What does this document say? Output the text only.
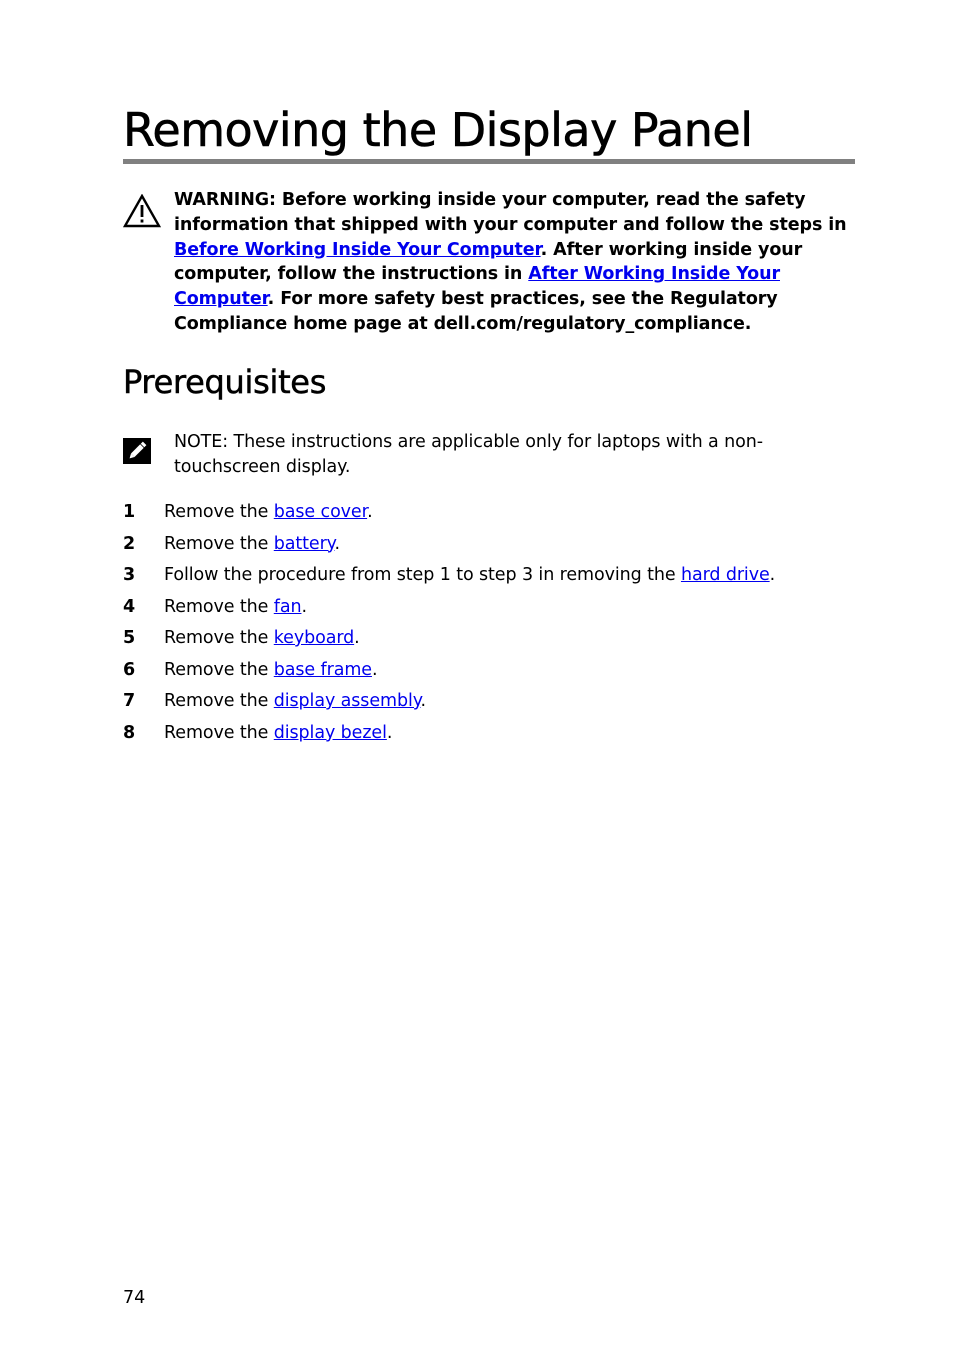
Removing the Display Panel
WARNING: Before working inside your computer, read the safety information that shipped with your computer and follow the steps in Before Working Inside Your Computer. After working inside your computer, follow the instructions in After Working Inside Your Computer. For more safety best practices, see the Regulatory Compliance home page at dell.com/regulatory_compliance.
Prerequisites
NOTE: These instructions are applicable only for laptops with a non-touchscreen display.
1 Remove the base cover.
2 Remove the battery.
3 Follow the procedure from step 1 to step 3 in removing the hard drive.
4 Remove the fan.
5 Remove the keyboard.
6 Remove the base frame.
7 Remove the display assembly.
8 Remove the display bezel.
74
